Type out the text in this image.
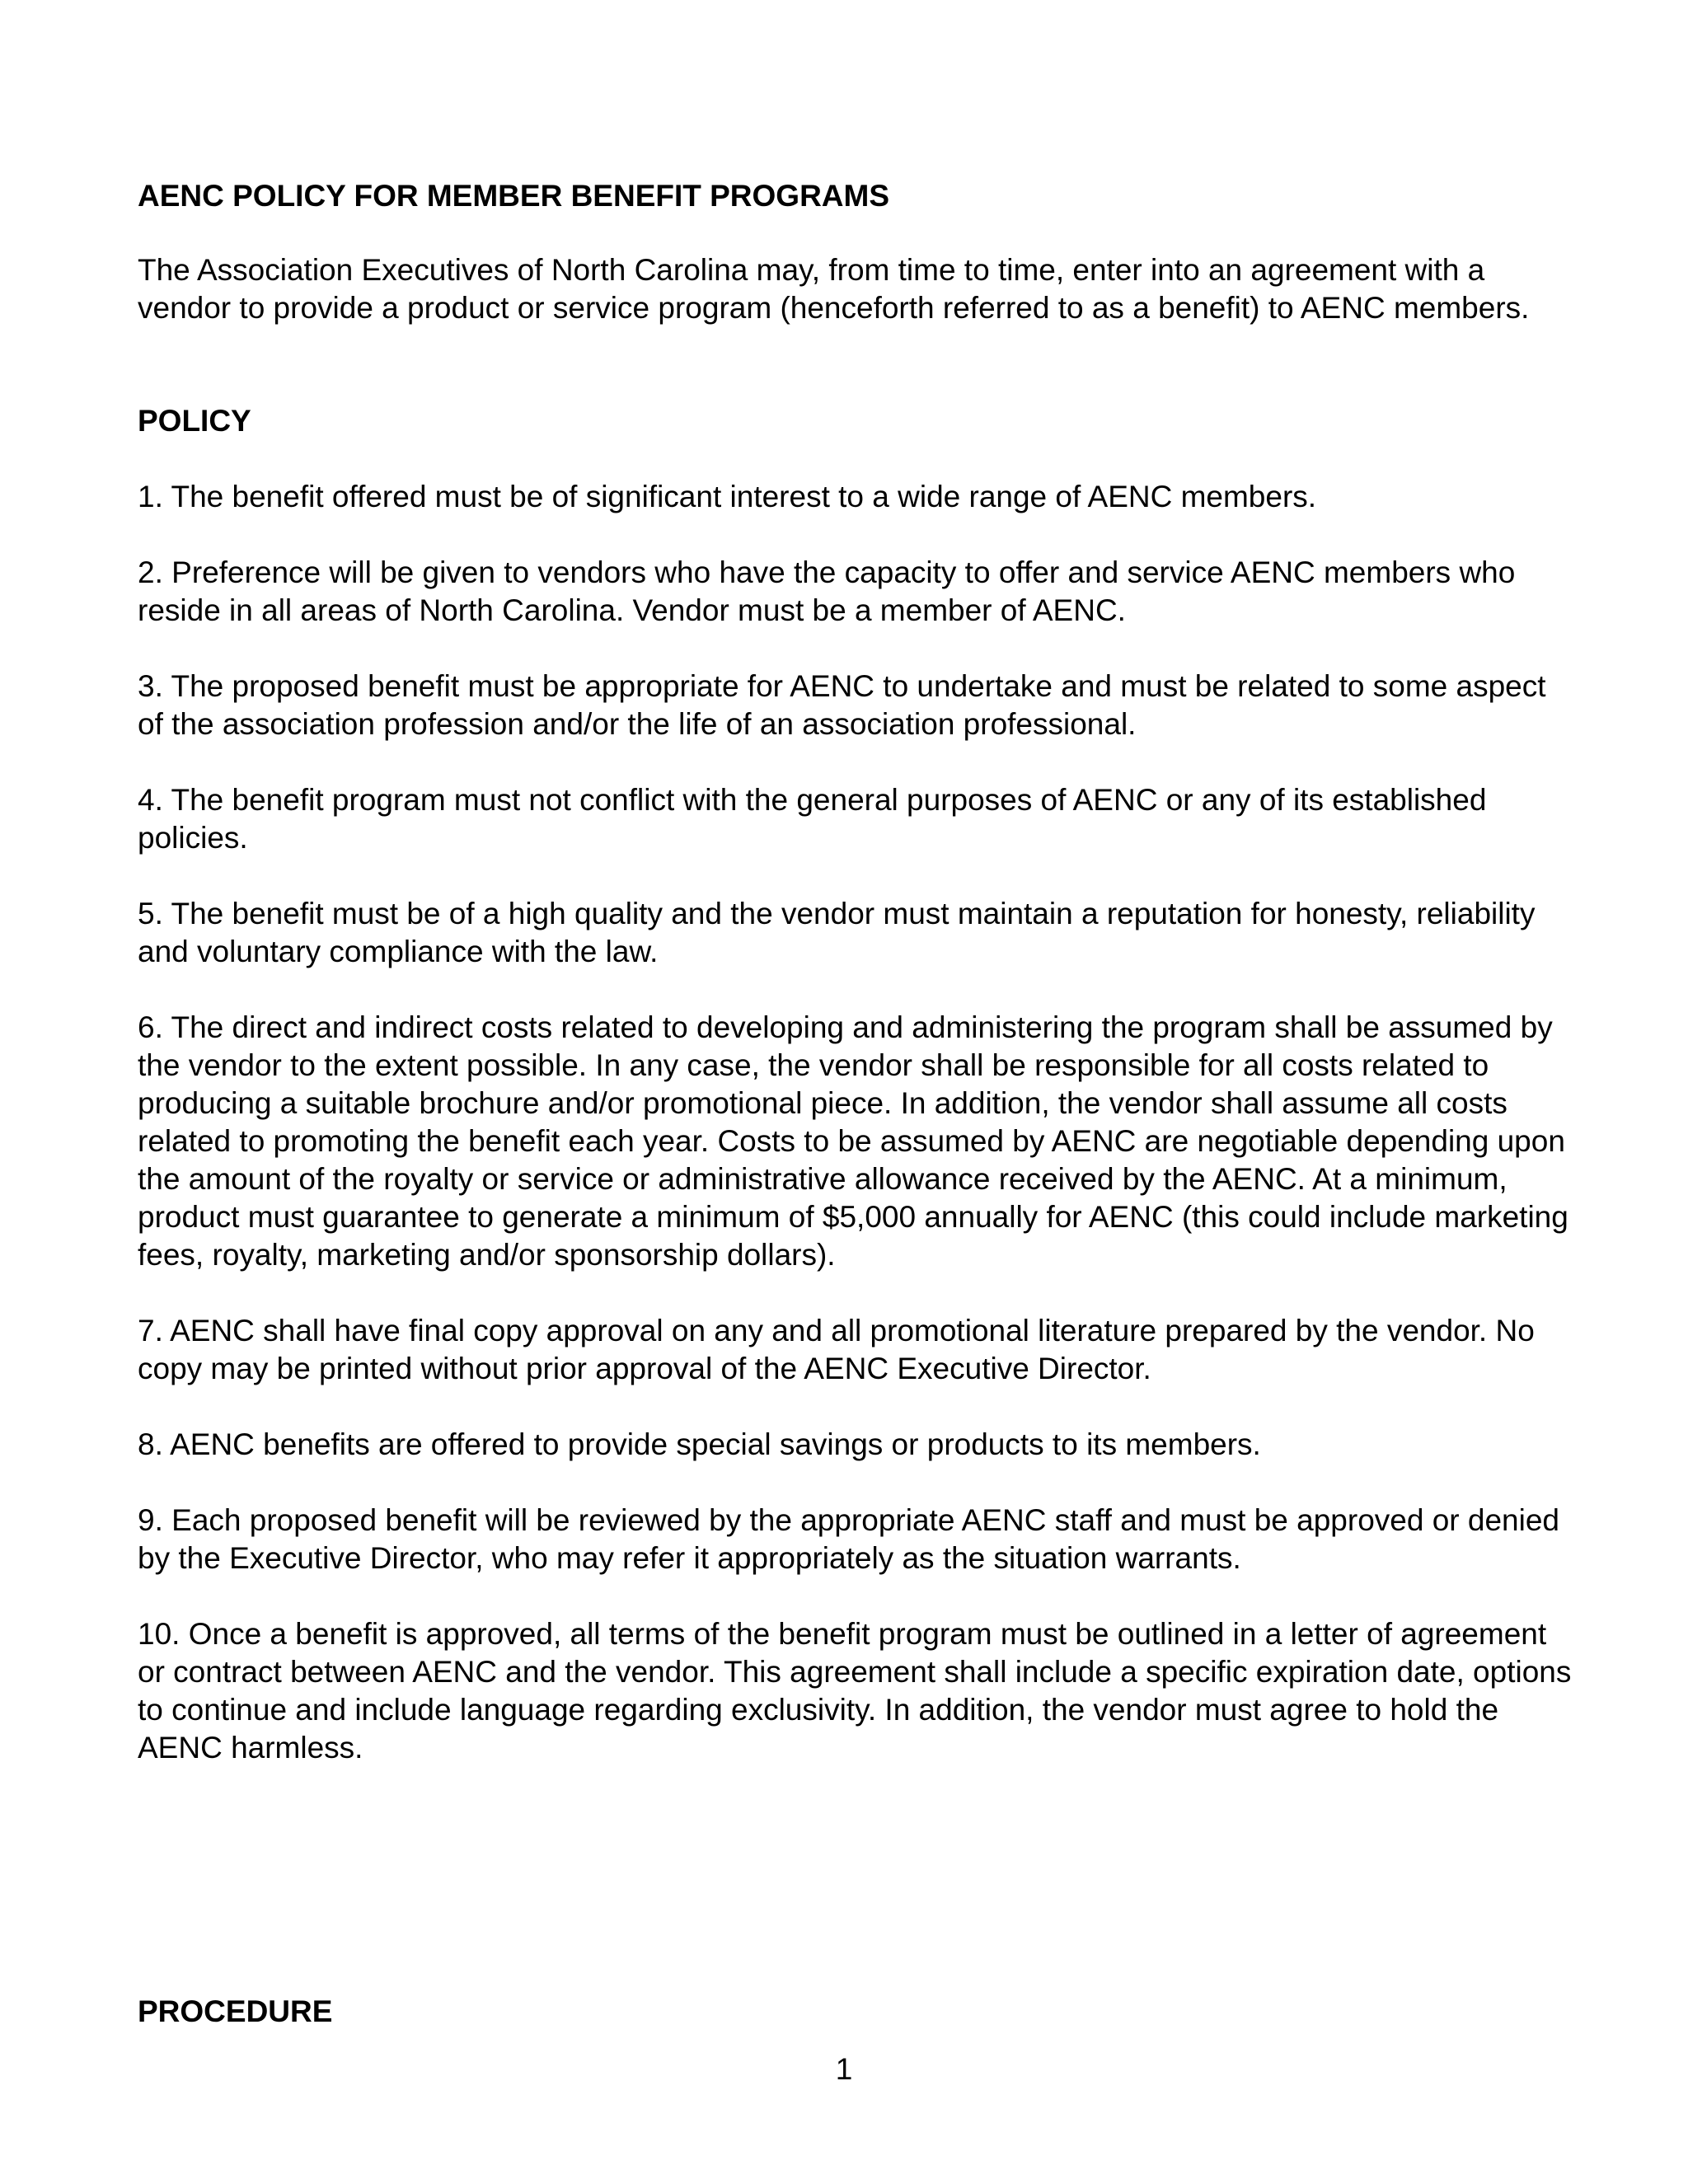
AENC POLICY FOR MEMBER BENEFIT PROGRAMS

The Association Executives of North Carolina may, from time to time, enter into an agreement with a vendor to provide a product or service program (henceforth referred to as a benefit) to AENC members.

POLICY
1. The benefit offered must be of significant interest to a wide range of AENC members.
2. Preference will be given to vendors who have the capacity to offer and service AENC members who reside in all areas of North Carolina. Vendor must be a member of AENC.
3. The proposed benefit must be appropriate for AENC to undertake and must be related to some aspect of the association profession and/or the life of an association professional.
4. The benefit program must not conflict with the general purposes of AENC or any of its established policies.
5. The benefit must be of a high quality and the vendor must maintain a reputation for honesty, reliability and voluntary compliance with the law.
6. The direct and indirect costs related to developing and administering the program shall be assumed by the vendor to the extent possible. In any case, the vendor shall be responsible for all costs related to producing a suitable brochure and/or promotional piece. In addition, the vendor shall assume all costs related to promoting the benefit each year. Costs to be assumed by AENC are negotiable depending upon the amount of the royalty or service or administrative allowance received by the AENC. At a minimum, product must guarantee to generate a minimum of $5,000 annually for AENC (this could include marketing fees, royalty, marketing and/or sponsorship dollars).
7. AENC shall have final copy approval on any and all promotional literature prepared by the vendor. No copy may be printed without prior approval of the AENC Executive Director.
8. AENC benefits are offered to provide special savings or products to its members.
9. Each proposed benefit will be reviewed by the appropriate AENC staff and must be approved or denied by the Executive Director, who may refer it appropriately as the situation warrants.
10. Once a benefit is approved, all terms of the benefit program must be outlined in a letter of agreement or contract between AENC and the vendor. This agreement shall include a specific expiration date, options to continue and include language regarding exclusivity. In addition, the vendor must agree to hold the AENC harmless.
PROCEDURE

1
